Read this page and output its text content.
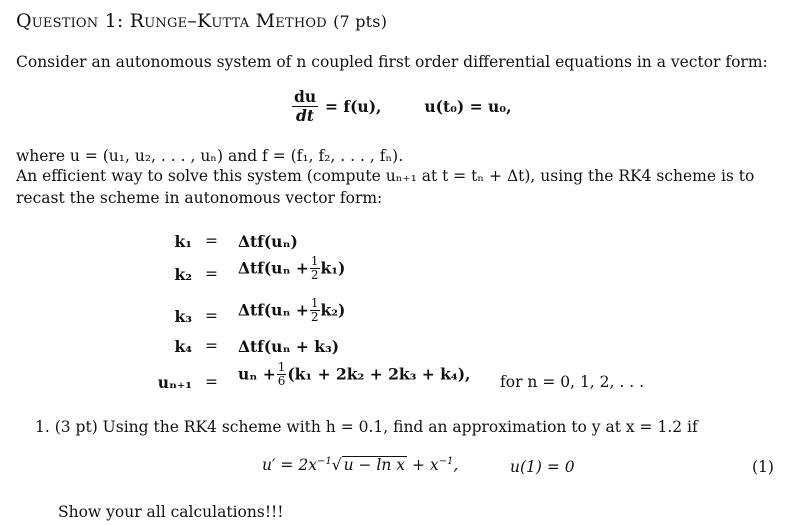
Question 1: Runge–Kutta Method (7 pts)
Consider an autonomous system of n coupled first order differential equations in a vector form:
$\frac{du}{dt} = f(u)$,	u(t₀) = u₀,
where u = (u₁, u₂, . . . , uₙ) and f = (f₁, f₂, . . . , fₙ).
An efficient way to solve this system (compute uₙ₊₁ at t = tₙ + Δt), using the RK4 scheme is to
recast the scheme in autonomous vector form:
k₁ = Δtf(uₙ)
$k_2 = \Delta tf(u_n + \frac{1}{2} k_1)$
$k_3 = \Delta tf(u_n + \frac{1}{2} k_2)$
k₄ = Δtf(uₙ + k₃)
$u_{n+1} = u_n + \frac{1}{6} (k_1 + 2k_2 + 2k_3 + k_4)$, for n = 0, 1, 2, . . .
1. (3 pt) Using the RK4 scheme with h = 0.1, find an approximation to y at x = 1.2 if
$u' = 2x^{-1}√$ $u - \ln x + x^{-1}$,	u(1) = 0	(1)
Show your all calculations!!!
